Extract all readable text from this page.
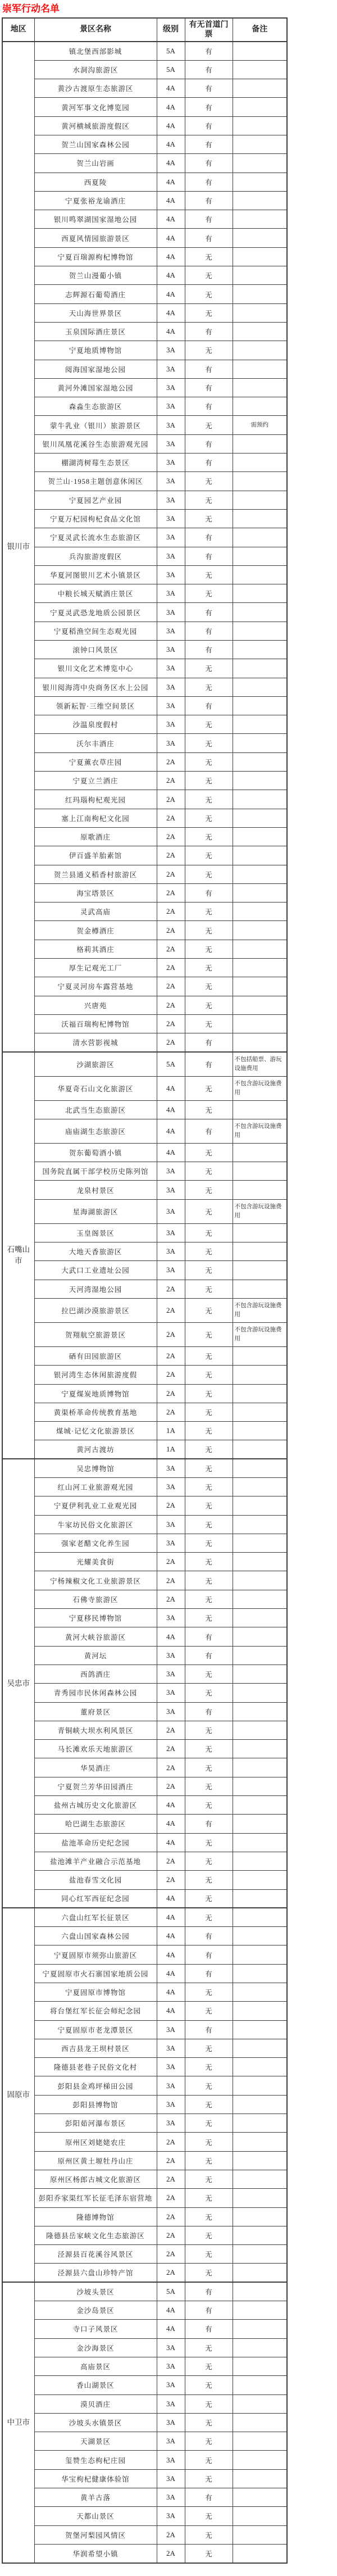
崇军行动名单
地区	景区名称	级别	有无首道门票	备注
银川市	镇北堡西部影城	5A	有	
	水洞沟旅游区	5A	有	
	黄沙古渡原生态旅游区	4A	有	
	黄河军事文化博览园	4A	有	
	黄河横城旅游度假区	4A	有	
	贺兰山国家森林公园	4A	有	
	贺兰山岩画	4A	有	
	西夏陵	4A	有	
	宁夏张裕龙谕酒庄	4A	有	
	银川鸣翠湖国家湿地公园	4A	有	
	西夏风情园旅游景区	4A	有	
	宁夏百瑞源枸杞博物馆	4A	无	
	贺兰山漫葡小镇	4A	无	
	志辉源石葡萄酒庄	4A	无	
	天山海世界景区	4A	无	
	玉泉国际酒庄景区	4A	有	
	宁夏地质博物馆	3A	无	
	阅海国家湿地公园	3A	有	
	黄河外滩国家湿地公园	3A	有	
	森淼生态旅游区	3A	有	
	蒙牛乳业（银川）旅游景区	3A	无	需预约
	银川凤凰花溪谷生态旅游观光园	3A	有	
	棚湖湾树莓生态景区	3A	有	
	贺兰山·1958主题创意休闲区	3A	无	
	宁夏园艺产业园	3A	无	
	宁夏万杞园枸杞食品文化馆	3A	无	
	宁夏灵武长流水生态旅游区	3A	有	
	兵沟旅游度假区	3A	有	
	华夏河图银川艺术小镇景区	3A	无	
	中粮长城天赋酒庄景区	3A	无	
	宁夏灵武恐龙地质公园景区	3A	有	
	宁夏稻渔空间生态观光园	3A	有	
	滚钟口风景区	3A	有	
	银川文化艺术博览中心	3A	无	
	银川阅海湾中央商务区水上公园	3A	无	
	领新耘智·三维空间景区	3A	有	
	沙温泉度假村	3A	无	
	沃尔丰酒庄	3A	无	
	宁夏薰衣草庄园	2A	无	
	宁夏立兰酒庄	2A	无	
	红玛瑙枸杞观光园	2A	无	
	塞上江南枸杞文化园	2A	无	
	原歌酒庄	2A	无	
	伊百盛羊胎素馆	2A	无	
	贺兰县通义稻香村旅游区	2A	无	
	海宝塔景区	2A	有	
	灵武高庙	2A	无	
	贺金樽酒庄	2A	无	
	格莉其酒庄	2A	无	
	厚生记观光工厂	2A	无	
	宁夏灵河房车露营基地	2A	无	
	兴唐苑	2A	无	
	沃福百瑞枸杞博物馆	2A	无	
	清水营影视城	2A	有	
石嘴山市	沙湖旅游区	5A	有	不包括船票、游玩设施费用
	华夏奇石山文化旅游区	4A	无	不包含游玩设施费用
	北武当生态旅游区	4A	无	
	庙庙湖生态旅游区	4A	有	不包含游玩设施费用
	贺东葡萄酒小镇	4A	无	
	国务院直属干部学校历史陈列馆	3A	无	
	龙泉村景区	3A	无	
	星海湖旅游区	3A	无	不包含游玩设施费用
	玉皇阁景区	3A	无	
	大地天香旅游区	3A	无	
	大武口工业遗址公园	3A	无	
	天河湾湿地公园	2A	无	
	拉巴湖沙漠旅游景区	2A	无	不包含游玩设施费用
	贺翔航空旅游景区	2A	无	不包含游玩设施费用
	硒有田园旅游区	2A	无	
	银河湾生态休闲旅游度假	2A	无	
	宁夏煤炭地质博物馆	2A	无	
	黄渠桥革命传统教育基地	2A	无	
	煤城·记忆文化旅游景区	1A	无	
	黄河古渡坊	1A	无	
吴忠市	吴忠博物馆	3A	无	
	红山河工业旅游观光园	3A	无	
	宁夏伊利乳业工业观光园	2A	无	
	牛家坊民俗文化旅游区	3A	无	
	强家老醋文化养生园	3A	无	
	光耀美食街	2A	无	
	宁杨辣椒文化工业旅游景区	2A	无	
	石佛寺旅游区	2A	无	
	宁夏移民博物馆	3A	无	
	黄河大峡谷旅游区	4A	有	
	黄河坛	3A	有	
	西鸽酒庄	3A	无	
	青秀园市民休闲森林公园	3A	无	
	董府景区	3A	有	
	青铜峡大坝水利风景区	2A	无	
	马长滩欢乐天地旅游区	2A	无	
	华昊酒庄	2A	无	
	宁夏贺兰芳华田园酒庄	2A	无	
	盐州古城历史文化旅游区	4A	无	
	哈巴湖生态旅游区	4A	有	
	盐池革命历史纪念园	4A	无	
	盐池滩羊产业融合示范基地	2A	无	
	盐池春雪文化园	2A	无	
	同心红军西征纪念园	4A	无	
固原市	六盘山红军长征景区	4A	无	
	六盘山国家森林公园	4A	有	
	宁夏固原市须弥山旅游区	4A	有	
	宁夏固原市火石寨国家地质公园	4A	有	
	宁夏固原市博物馆	4A	无	
	将台堡红军长征会师纪念园	4A	无	
	宁夏固原市老龙潭景区	3A	有	
	西吉县龙王坝村景区	3A	无	
	隆德县老巷子民俗文化村	3A	无	
	彭阳县金鸡坪梯田公园	3A	无	
	彭阳县博物馆	3A	无	
	彭阳茹河瀑布景区	3A	无	
	原州区刘姥姥农庄	2A	无	
	原州区黄土塬牡丹山庄	2A	无	
	原州区杨郎古城文化旅游区	2A	无	
	彭阳乔家渠红军长征毛泽东宿营地	2A	无	
	隆德博物馆	2A	无	
	隆德县岳家峡文化生态旅游区	2A	无	
	泾源县百花溪谷风景区	2A	无	
	泾源县六盘山珍特产馆	2A	无	
中卫市	沙坡头景区	5A	有	
	金沙岛景区	4A	有	
	寺口子风景区	4A	有	
	金沙海景区	3A	无	
	高庙景区	3A	无	
	香山湖景区	3A	无	
	漠贝酒庄	3A	无	
	沙坡头水镇景区	3A	无	
	天湖景区	3A	无	
	玺赞生态枸杞庄园	3A	无	
	华宝枸杞健康体验馆	3A	无	
	黄羊古落	3A	有	
	天都山景区	3A	无	
	贺堡河梨园风情区	2A	无	
	华润希望小镇	2A	无	
